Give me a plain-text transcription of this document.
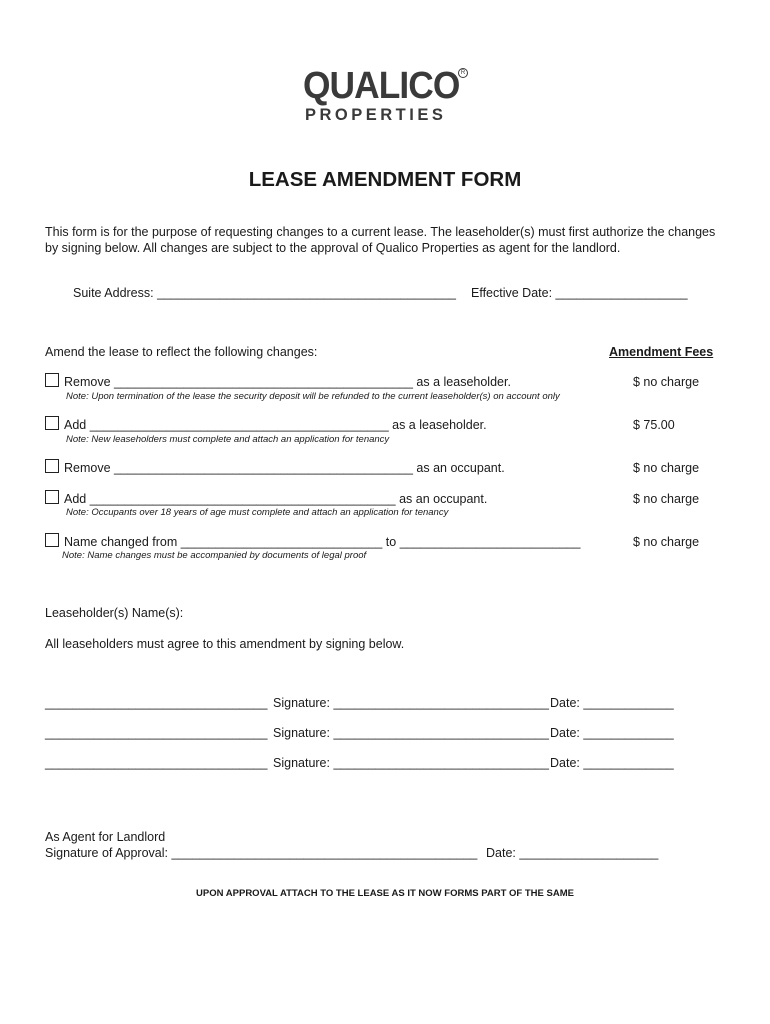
QUALICO R
PROPERTIES
LEASE AMENDMENT FORM
This form is for the purpose of requesting changes to a current lease. The leaseholder(s) must first authorize the changes
by signing below. All changes are subject to the approval of Qualico Properties as agent for the landlord.
Suite Address: ___________________________________________ Effective Date: ___________________
Amend the lease to reflect the following changes:	Amendment Fees
Remove ___________________________________________ as a leaseholder.	$ no charge
Note: Upon termination of the lease the security deposit will be refunded to the current leaseholder(s) on account only
Add ___________________________________________ as a leaseholder.	$ 75.00
Note: New leaseholders must complete and attach an application for tenancy
Remove ___________________________________________ as an occupant.	$ no charge
Add ____________________________________________ as an occupant.	$ no charge
Note: Occupants over 18 years of age must complete and attach an application for tenancy
Name changed from _____________________________ to __________________________	$ no charge
Note: Name changes must be accompanied by documents of legal proof
Leaseholder(s) Name(s):
All leaseholders must agree to this amendment by signing below.
________________________________ Signature: _______________________________ Date: _____________
________________________________ Signature: _______________________________ Date: _____________
________________________________ Signature: _______________________________ Date: _____________
As Agent for Landlord
Signature of Approval: ____________________________________________ Date: ____________________
UPON APPROVAL ATTACH TO THE LEASE AS IT NOW FORMS PART OF THE SAME
